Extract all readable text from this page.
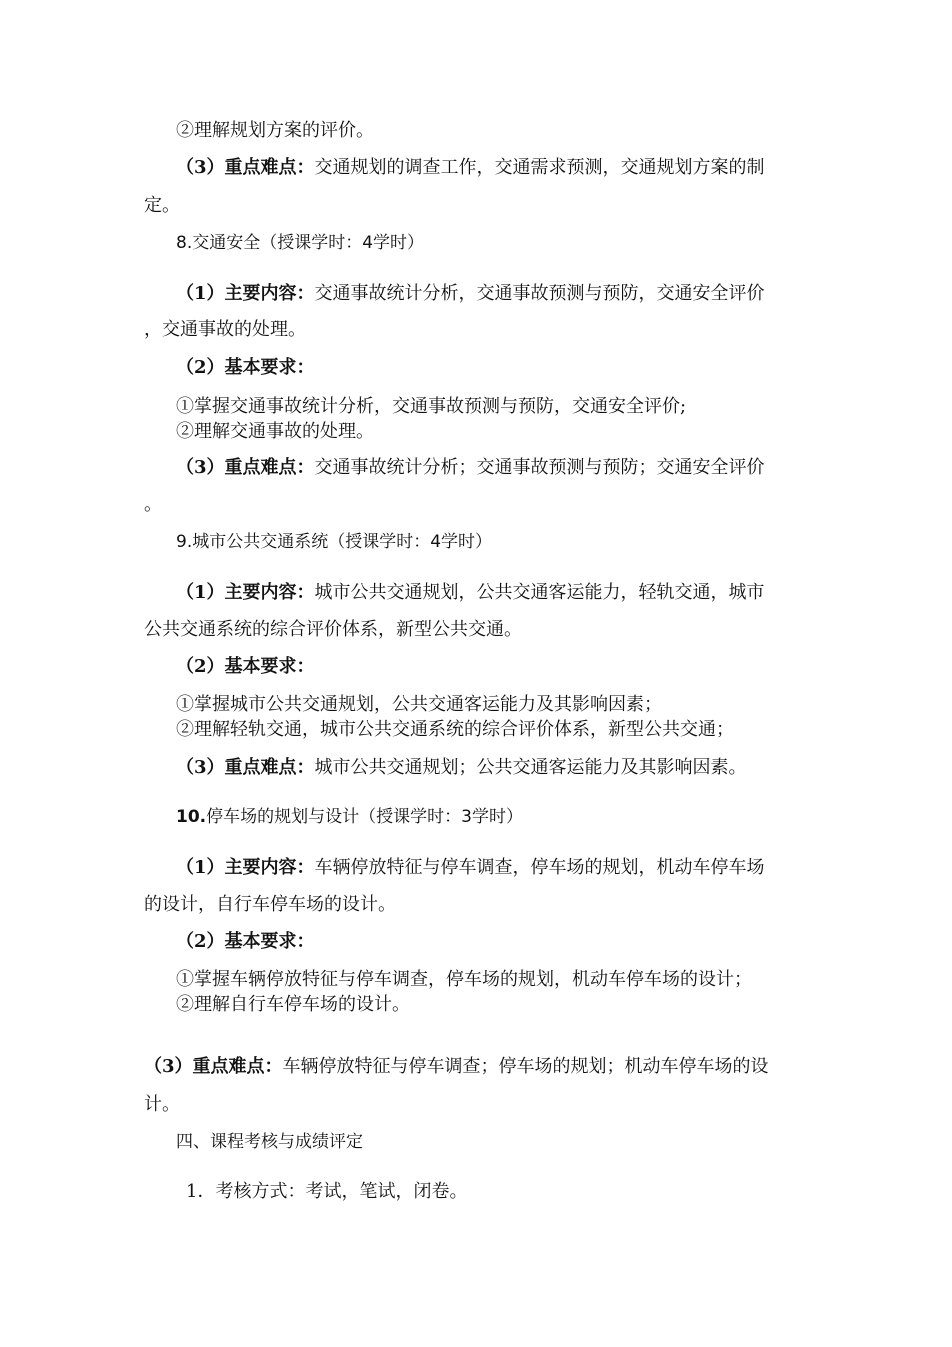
②理解规划方案的评价。
（3）重点难点：交通规划的调查工作，交通需求预测，交通规划方案的制
定。
8.交通安全（授课学时：4学时）
（1）主要内容：交通事故统计分析，交通事故预测与预防，交通安全评价
，交通事故的处理。
（2）基本要求：
①掌握交通事故统计分析，交通事故预测与预防，交通安全评价;
②理解交通事故的处理。
（3）重点难点：交通事故统计分析；交通事故预测与预防；交通安全评价
。
9.城市公共交通系统（授课学时：4学时）
（1）主要内容：城市公共交通规划，公共交通客运能力，轻轨交通，城市
公共交通系统的综合评价体系，新型公共交通。
（2）基本要求：
①掌握城市公共交通规划，公共交通客运能力及其影响因素；
②理解轻轨交通，城市公共交通系统的综合评价体系，新型公共交通；
（3）重点难点：城市公共交通规划；公共交通客运能力及其影响因素。
10.停车场的规划与设计（授课学时：3学时）
（1）主要内容：车辆停放特征与停车调查，停车场的规划，机动车停车场
的设计，自行车停车场的设计。
（2）基本要求：
①掌握车辆停放特征与停车调查，停车场的规划，机动车停车场的设计；
②理解自行车停车场的设计。
（3）重点难点：车辆停放特征与停车调查；停车场的规划；机动车停车场的设
计。
四、课程考核与成绩评定
1．考核方式：考试，笔试，闭卷。
